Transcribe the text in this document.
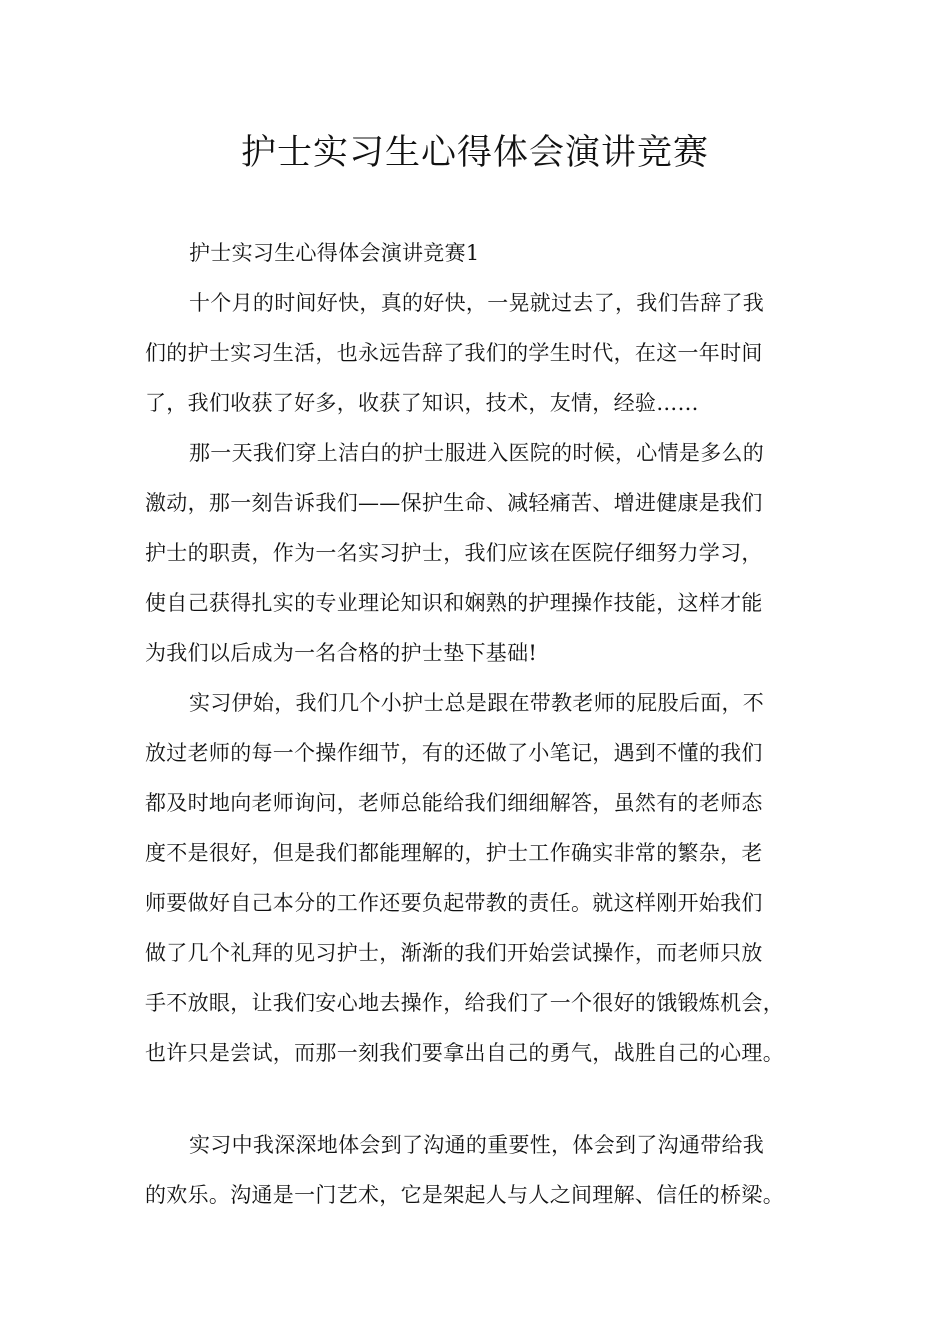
护士实习生心得体会演讲竞赛
护士实习生心得体会演讲竞赛1
十个月的时间好快，真的好快，一晃就过去了，我们告辞了我
们的护士实习生活，也永远告辞了我们的学生时代，在这一年时间
了，我们收获了好多，收获了知识，技术，友情，经验……
那一天我们穿上洁白的护士服进入医院的时候，心情是多么的
激动，那一刻告诉我们——保护生命、减轻痛苦、增进健康是我们
护士的职责，作为一名实习护士，我们应该在医院仔细努力学习，
使自己获得扎实的专业理论知识和娴熟的护理操作技能，这样才能
为我们以后成为一名合格的护士垫下基础!
实习伊始，我们几个小护士总是跟在带教老师的屁股后面，不
放过老师的每一个操作细节，有的还做了小笔记，遇到不懂的我们
都及时地向老师询问，老师总能给我们细细解答，虽然有的老师态
度不是很好，但是我们都能理解的，护士工作确实非常的繁杂，老
师要做好自己本分的工作还要负起带教的责任。就这样刚开始我们
做了几个礼拜的见习护士，渐渐的我们开始尝试操作，而老师只放
手不放眼，让我们安心地去操作，给我们了一个很好的饿锻炼机会，
也许只是尝试，而那一刻我们要拿出自己的勇气，战胜自己的心理。
实习中我深深地体会到了沟通的重要性，体会到了沟通带给我
的欢乐。沟通是一门艺术，它是架起人与人之间理解、信任的桥梁。
